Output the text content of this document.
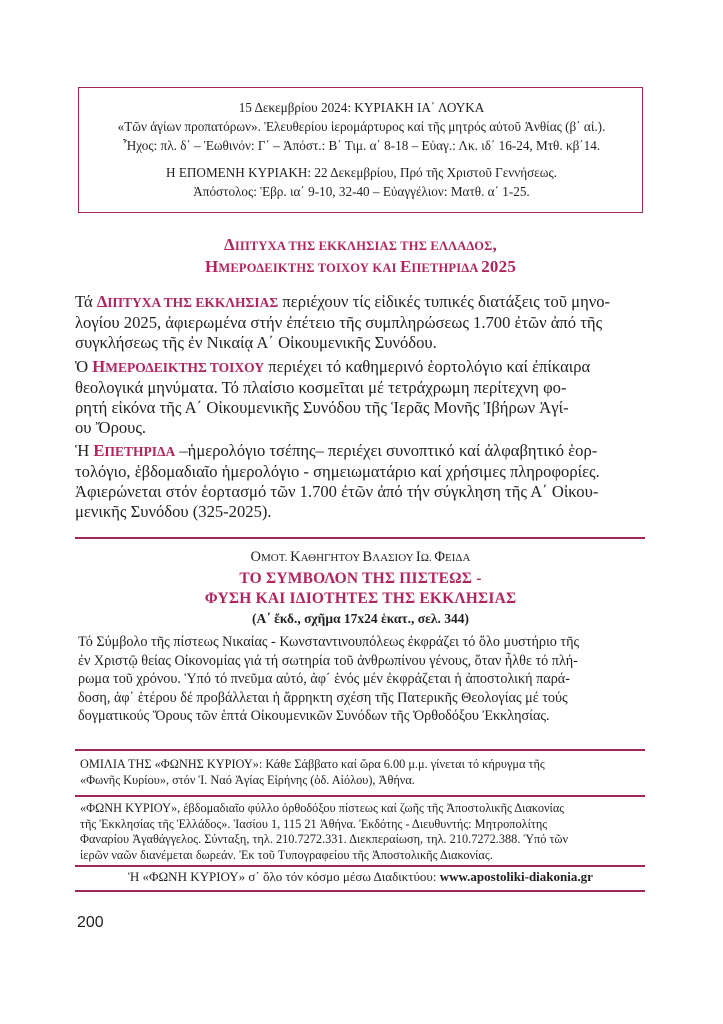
15 Δεκεμβρίου 2024: ΚΥΡΙΑΚΗ ΙΑ΄ ΛΟΥΚΑ
«Τῶν ἁγίων προπατόρων». Ἐλευθερίου ἱερομάρτυρος καί τῆς μητρός αὐτοῦ Ἀνθίας (β΄ αἰ.).
Ἦχος: πλ. δ΄ – Ἑωθινόν: Γ΄ – Ἀπόστ.: Β΄ Τιμ. α΄ 8-18 – Εὐαγ.: Λκ. ιδ΄ 16-24, Μτθ. κβ΄14.
Η ΕΠΟΜΕΝΗ ΚΥΡΙΑΚΗ: 22 Δεκεμβρίου, Πρό τῆς Χριστοῦ Γεννήσεως.
Ἀπόστολος: Ἑβρ. ια΄ 9-10, 32-40 – Εὐαγγέλιον: Ματθ. α΄ 1-25.
ΔΙΠΤΥΧΑ ΤΗΣ ΕΚΚΛΗΣΙΑΣ ΤΗΣ ΕΛΛΑΔΟΣ,
ΗΜΕΡΟΔΕΙΚΤΗΣ ΤΟΙΧΟΥ ΚΑΙ ΕΠΕΤΗΡΙΔΑ 2025
Τά ΔΙΠΤΥΧΑ ΤΗΣ ΕΚΚΛΗΣΙΑΣ περιέχουν τίς εἰδικές τυπικές διατάξεις τοῦ μηνο-
λογίου 2025, ἀφιερωμένα στήν ἐπέτειο τῆς συμπληρώσεως 1.700 ἐτῶν ἀπό τῆς
συγκλήσεως τῆς ἐν Νικαίᾳ Α΄ Οἰκουμενικῆς Συνόδου.
Ὁ ΗΜΕΡΟΔΕΙΚΤΗΣ ΤΟΙΧΟΥ περιέχει τό καθημερινό ἑορτολόγιο καί ἐπίκαιρα
θεολογικά μηνύματα. Τό πλαίσιο κοσμεῖται μέ τετράχρωμη περίτεχνη φο-
ρητή εἰκόνα τῆς Α΄ Οἰκουμενικῆς Συνόδου τῆς Ἱερᾶς Μονῆς Ἰβήρων Ἁγί-
ου Ὄρους.
Ἡ ΕΠΕΤΗΡΙΔΑ –ἡμερολόγιο τσέπης– περιέχει συνοπτικό καί ἀλφαβητικό ἑορ-
τολόγιο, ἑβδομαδιαῖο ἡμερολόγιο - σημειωματάριο καί χρήσιμες πληροφορίες.
Ἀφιερώνεται στόν ἑορτασμό τῶν 1.700 ἐτῶν ἀπό τήν σύγκληση τῆς Α΄ Οἰκου-
μενικῆς Συνόδου (325-2025).
ΟΜΟΤ. ΚΑΘΗΓΗΤΟΥ ΒΛΑΣΙΟΥ ΙΩ. ΦΕΙΔΑ
ΤΟ ΣΥΜΒΟΛΟΝ ΤΗΣ ΠΙΣΤΕΩΣ -
ΦΥΣΗ ΚΑΙ ΙΔΙΟΤΗΤΕΣ ΤΗΣ ΕΚΚΛΗΣΙΑΣ
(Α΄ ἔκδ., σχῆμα 17x24 ἑκατ., σελ. 344)
Τό Σύμβολο τῆς πίστεως Νικαίας - Κωνσταντινουπόλεως ἐκφράζει τό ὅλο μυστήριο τῆς
ἐν Χριστῷ θείας Οἰκονομίας γιά τή σωτηρία τοῦ ἀνθρωπίνου γένους, ὅταν ἦλθε τό πλή-
ρωμα τοῦ χρόνου. Ὑπό τό πνεῦμα αὐτό, ἀφ΄ ἑνός μέν ἐκφράζεται ἡ ἀποστολική παρά-
δοση, ἀφ΄ ἑτέρου δέ προβάλλεται ἡ ἄρρηκτη σχέση τῆς Πατερικῆς Θεολογίας μέ τούς
δογματικούς Ὅρους τῶν ἑπτά Οἰκουμενικῶν Συνόδων τῆς Ὀρθοδόξου Ἐκκλησίας.
ΟΜΙΛΙΑ ΤΗΣ «ΦΩΝΗΣ ΚΥΡΙΟΥ»: Κάθε Σάββατο καί ὥρα 6.00 μ.μ. γίνεται τό κήρυγμα τῆς
«Φωνῆς Κυρίου», στόν Ἱ. Ναό Ἁγίας Εἰρήνης (ὁδ. Αἰόλου), Ἀθήνα.
«ΦΩΝΗ ΚΥΡΙΟΥ», ἑβδομαδιαῖο φύλλο ὀρθοδόξου πίστεως καί ζωῆς τῆς Ἀποστολικῆς Διακονίας
τῆς Ἐκκλησίας τῆς Ἑλλάδος». Ἰασίου 1, 115 21 Ἀθήνα. Ἐκδότης - Διευθυντής: Μητροπολίτης
Φαναρίου Ἀγαθάγγελος. Σύνταξη, τηλ. 210.7272.331. Διεκπεραίωση, τηλ. 210.7272.388. Ὑπό τῶν
ἱερῶν ναῶν διανέμεται δωρεάν. Ἐκ τοῦ Τυπογραφείου τῆς Ἀποστολικῆς Διακονίας.
Ἡ «ΦΩΝΗ ΚΥΡΙΟΥ» σ΄ ὅλο τόν κόσμο μέσω Διαδικτύου: www.apostoliki-diakonia.gr
200
